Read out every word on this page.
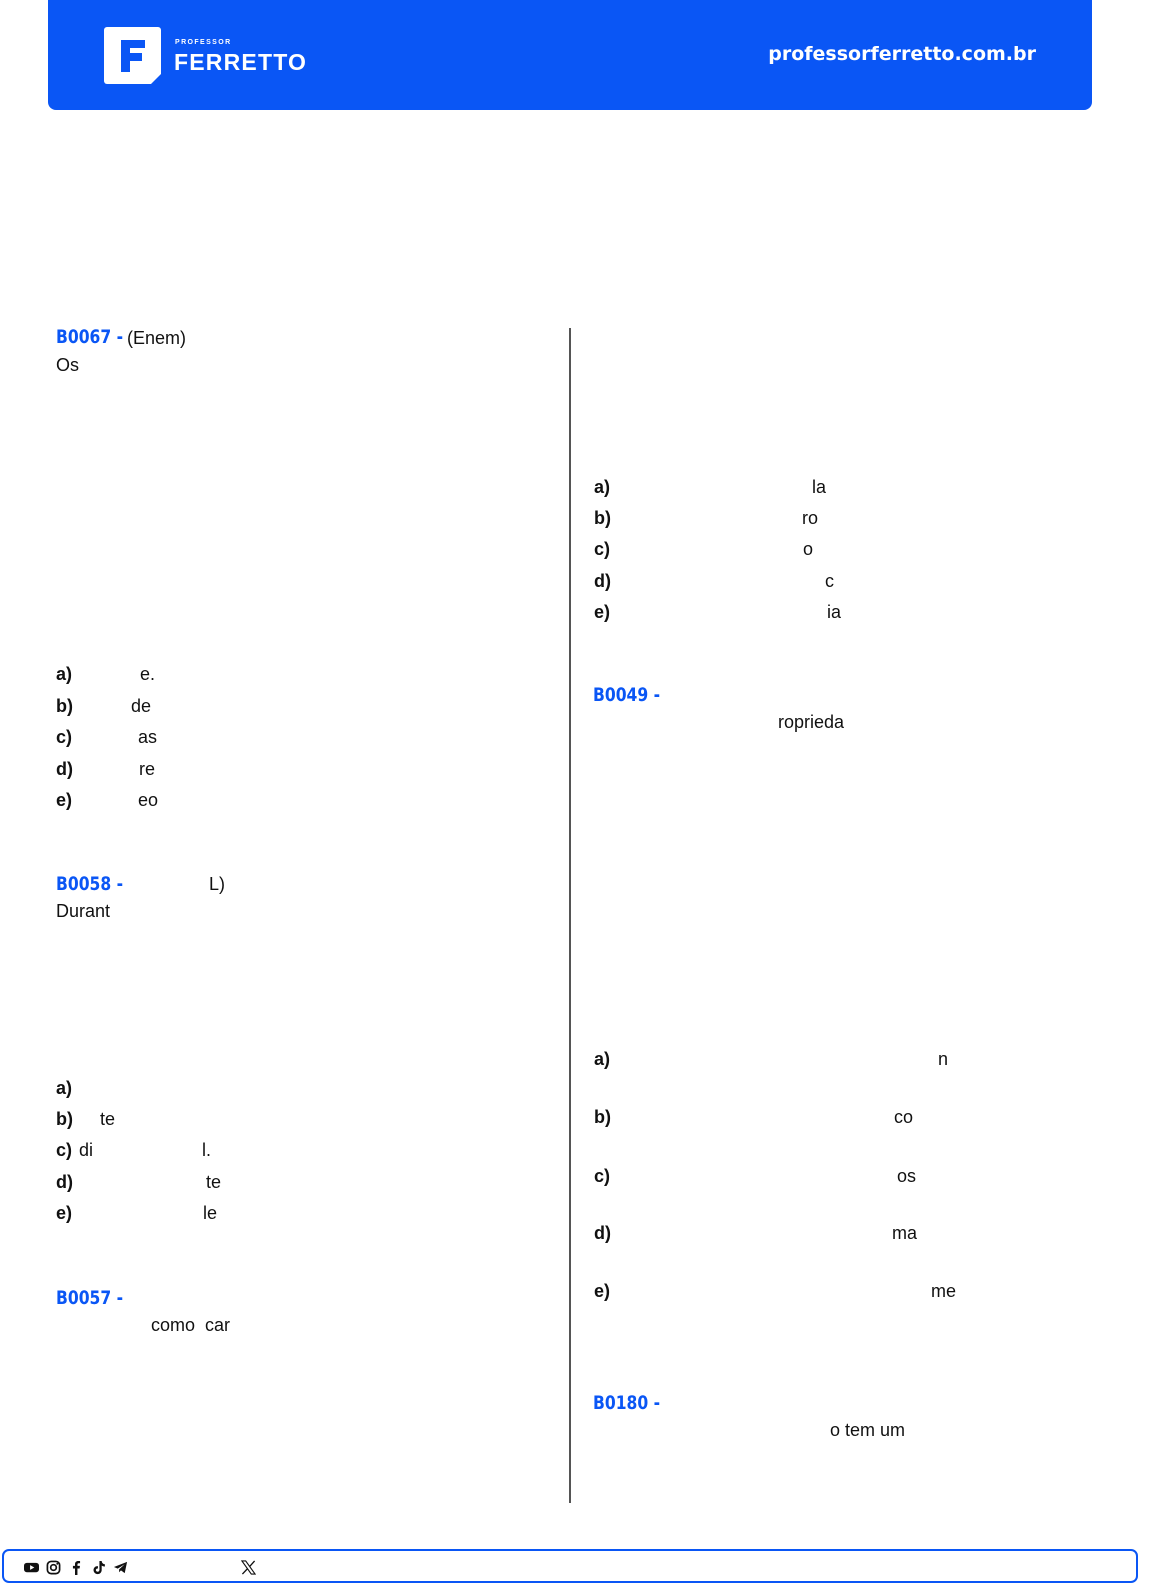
PROFESSOR
FERRETTO	professorferretto.com.br
B0067 - (Enem)
Os
a)	e.
b)	de
c)	as
d)	re
e)	eo
B0058 -	L)
Durant
a)
b) te
c) di	l.
d)	te
e)	le
B0057 -
como  car
a)	la
b)	ro
c)	o
d)	c
e)	ia
B0049 -
roprieda
a)	n
b)	co
c)	os
d)	ma
e)	me
B0180 -
o tem um
